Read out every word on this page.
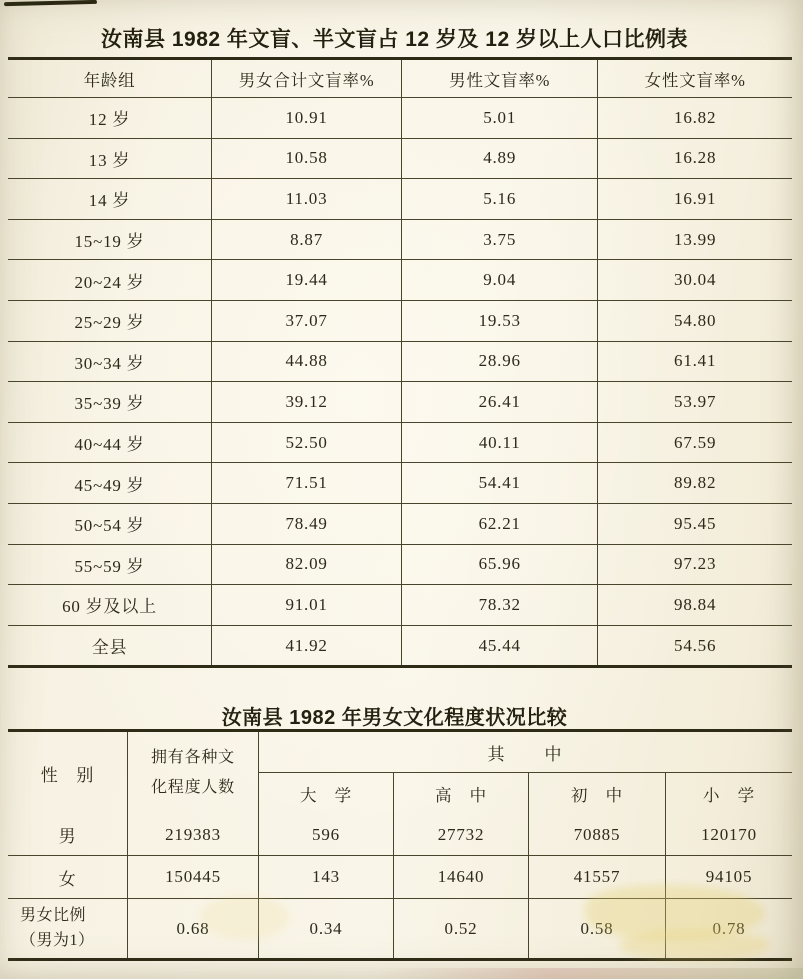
汝南县 1982 年文盲、半文盲占 12 岁及 12 岁以上人口比例表
年龄组	男女合计文盲率%	男性文盲率%	女性文盲率%
12 岁	10.91	5.01	16.82
13 岁	10.58	4.89	16.28
14 岁	11.03	5.16	16.91
15~19 岁	8.87	3.75	13.99
20~24 岁	19.44	9.04	30.04
25~29 岁	37.07	19.53	54.80
30~34 岁	44.88	28.96	61.41
35~39 岁	39.12	26.41	53.97
40~44 岁	52.50	40.11	67.59
45~49 岁	71.51	54.41	89.82
50~54 岁	78.49	62.21	95.45
55~59 岁	82.09	65.96	97.23
60 岁及以上	91.01	78.32	98.84
全县	41.92	45.44	54.56
汝南县 1982 年男女文化程度状况比较
性　别
拥有各种文
化程度人数
其　　中
大　学	高　中	初　中	小　学
男	219383	596	27732	70885	120170
女	150445	143	14640	41557	94105
男女比例
（男为1）
0.68	0.34	0.52	0.58	0.78
